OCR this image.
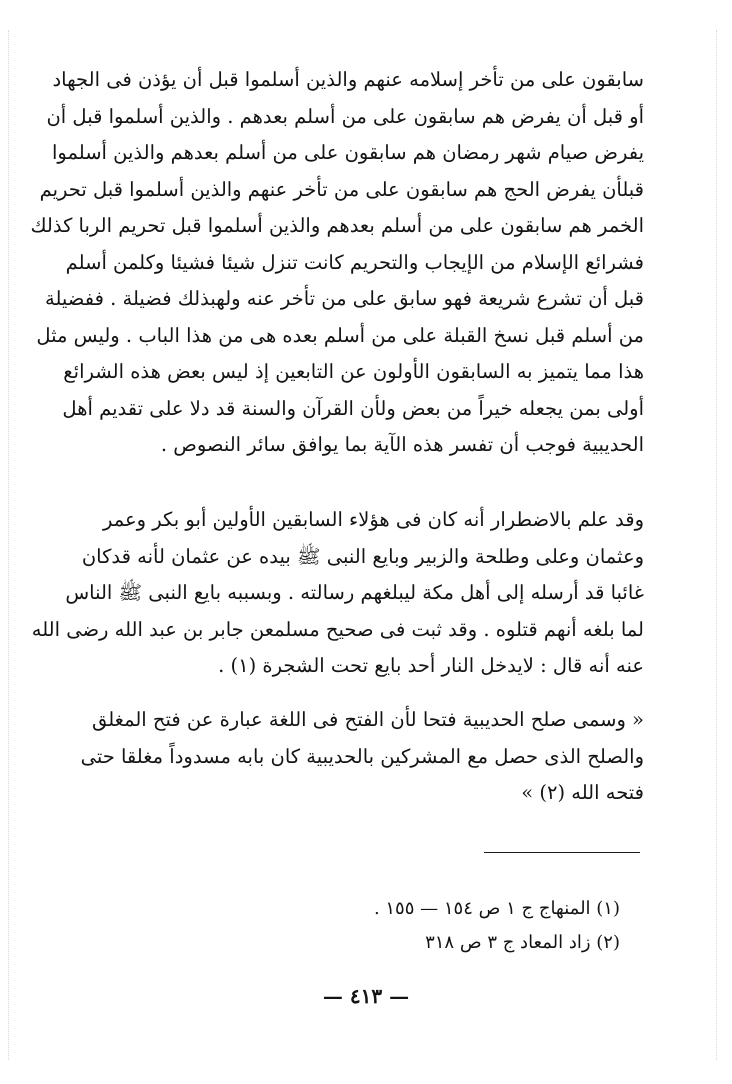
سابقون على من تأخر إسلامه عنهم والذين أسلموا قبل أن يؤذن فى الجهاد
أو قبل أن يفرض هم سابقون على من أسلم بعدهم . والذين أسلموا قبل أن
يفرض صيام شهر رمضان هم سابقون على من أسلم بعدهم والذين أسلموا
قبلأن يفرض الحج هم سابقون على من تأخر عنهم والذين أسلموا قبل تحريم
الخمر هم سابقون على من أسلم بعدهم والذين أسلموا قبل تحريم الربا كذلك
فشرائع الإسلام من الإيجاب والتحريم كانت تنزل شيئا فشيئا وكلمن أسلم
قبل أن تشرع شريعة فهو سابق على من تأخر عنه ولهبذلك فضيلة . ففضيلة
من أسلم قبل نسخ القبلة على من أسلم بعده هى من هذا الباب . وليس مثل
هذا مما يتميز به السابقون الأولون عن التابعين إذ ليس بعض هذه الشرائع
أولى بمن يجعله خيراً من بعض ولأن القرآن والسنة قد دلا على تقديم أهل
الحديبية فوجب أن تفسر هذه الآية بما يوافق سائر النصوص .
وقد علم بالاضطرار أنه كان فى هؤلاء السابقين الأولين أبو بكر وعمر
وعثمان وعلى وطلحة والزبير وبايع النبى ﷺ بيده عن عثمان لأنه قدكان
غائبا قد أرسله إلى أهل مكة ليبلغهم رسالته . وبسببه بايع النبى ﷺ الناس
لما بلغه أنهم قتلوه . وقد ثبت فى صحيح مسلمعن جابر بن عبد الله رضى الله
عنه أنه قال : لايدخل النار أحد بايع تحت الشجرة (١) .
« وسمى صلح الحديبية فتحا لأن الفتح فى اللغة عبارة عن فتح المغلق
والصلح الذى حصل مع المشركين بالحديبية كان بابه مسدوداً مغلقا حتى
فتحه الله (٢) »
(١) المنهاج ج ١ ص ١٥٤ — ١٥٥ .
(٢) زاد المعاد ج ٣ ص ٣١٨
— ٤١٣ —
